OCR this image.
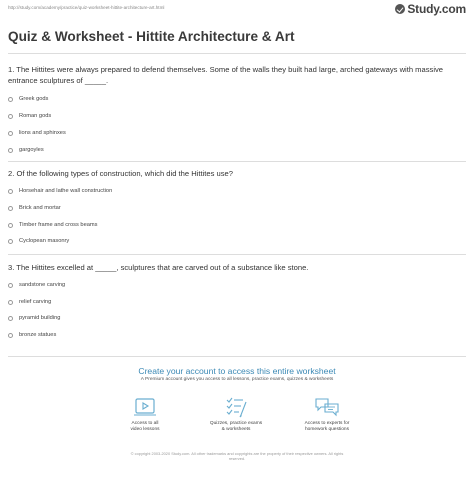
http://study.com/academy/practice/quiz-worksheet-hittite-architecture-art.html	Study.com
Quiz & Worksheet - Hittite Architecture & Art
1. The Hittites were always prepared to defend themselves. Some of the walls they built had large, arched gateways with massive entrance sculptures of _____.
Greek gods
Roman gods
lions and sphinxes
gargoyles
2. Of the following types of construction, which did the Hittites use?
Horsehair and lathe wall construction
Brick and mortar
Timber frame and cross beams
Cyclopean masonry
3. The Hittites excelled at _____, sculptures that are carved out of a substance like stone.
sandstone carving
relief carving
pyramid building
bronze statues
Create your account to access this entire worksheet
A Premium account gives you access to all lessons, practice exams, quizzes & worksheets
Access to all
video lessons
Quizzes, practice exams
& worksheets
Access to experts for
homework questions
© copyright 2003-2020 Study.com. All other trademarks and copyrights are the property of their respective owners. All rights
reserved.
